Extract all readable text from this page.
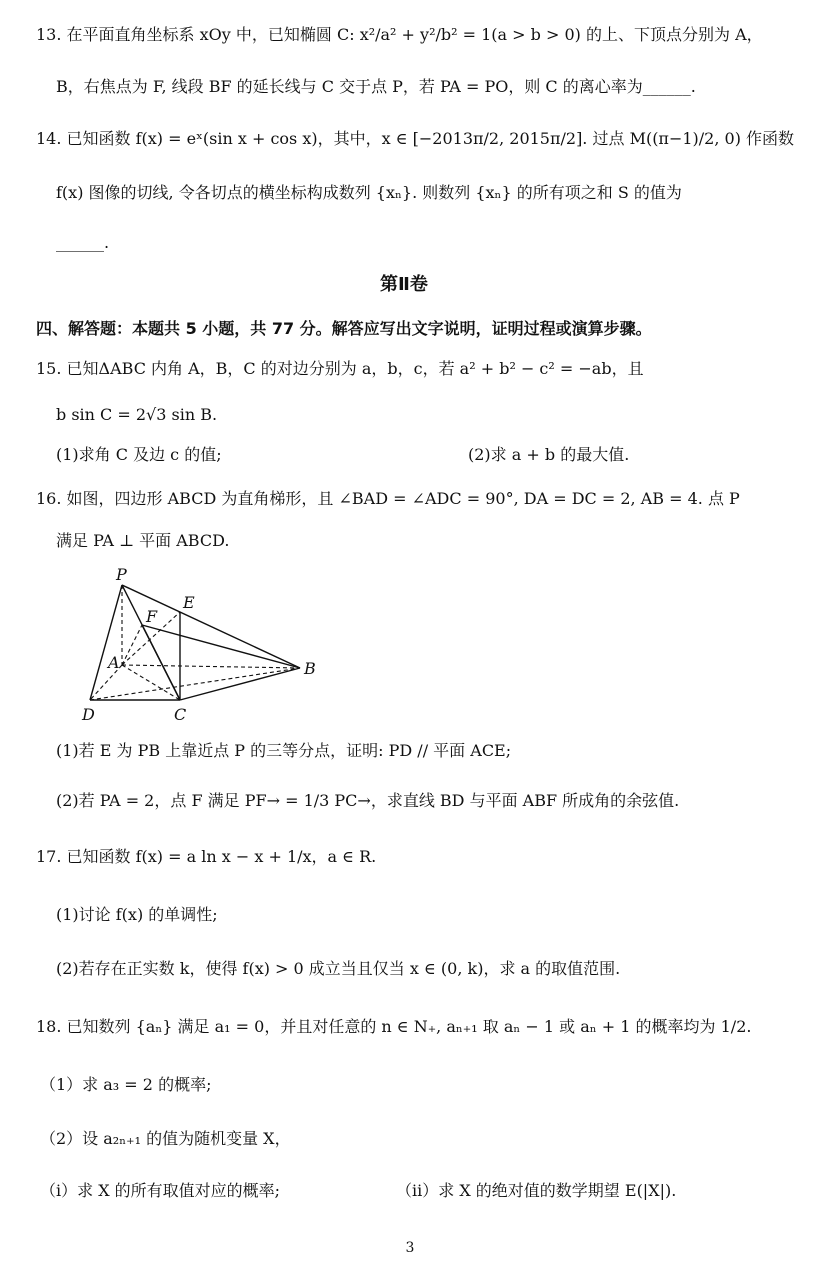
13. 在平面直角坐标系 xOy 中，已知椭圆 C: x²/a² + y²/b² = 1(a > b > 0) 的上、下顶点分别为 A，
B，右焦点为 F, 线段 BF 的延长线与 C 交于点 P，若 PA = PO，则 C 的离心率为______.
14. 已知函数 f(x) = eˣ(sin x + cos x)，其中，x ∈ [−2013π/2, 2015π/2]. 过点 M((π−1)/2, 0) 作函数
f(x) 图像的切线, 令各切点的横坐标构成数列 {xₙ}. 则数列 {xₙ} 的所有项之和 S 的值为
______.
第Ⅱ卷
四、解答题：本题共 5 小题，共 77 分。解答应写出文字说明，证明过程或演算步骤。
15. 已知ΔABC 内角 A，B，C 的对边分别为 a，b，c，若 a² + b² − c² = −ab，且
b sin C = 2√3 sin B.
(1)求角 C 及边 c 的值;	(2)求 a + b 的最大值.
16. 如图，四边形 ABCD 为直角梯形，且 ∠BAD = ∠ADC = 90°, DA = DC = 2, AB = 4. 点 P
满足 PA ⊥ 平面 ABCD.
P
E
F
A	B
C
D
(1)若 E 为 PB 上靠近点 P 的三等分点，证明: PD // 平面 ACE;
(2)若 PA = 2，点 F 满足 PF→ = 1/3 PC→，求直线 BD 与平面 ABF 所成角的余弦值.
17. 已知函数 f(x) = a ln x − x + 1/x，a ∈ R.
(1)讨论 f(x) 的单调性;
(2)若存在正实数 k，使得 f(x) > 0 成立当且仅当 x ∈ (0, k)，求 a 的取值范围.
18. 已知数列 {aₙ} 满足 a₁ = 0，并且对任意的 n ∈ N₊, aₙ₊₁ 取 aₙ − 1 或 aₙ + 1 的概率均为 1/2.
（1）求 a₃ = 2 的概率;
（2）设 a₂ₙ₊₁ 的值为随机变量 X，
（i）求 X 的所有取值对应的概率;	（ii）求 X 的绝对值的数学期望 E(|X|).
3
